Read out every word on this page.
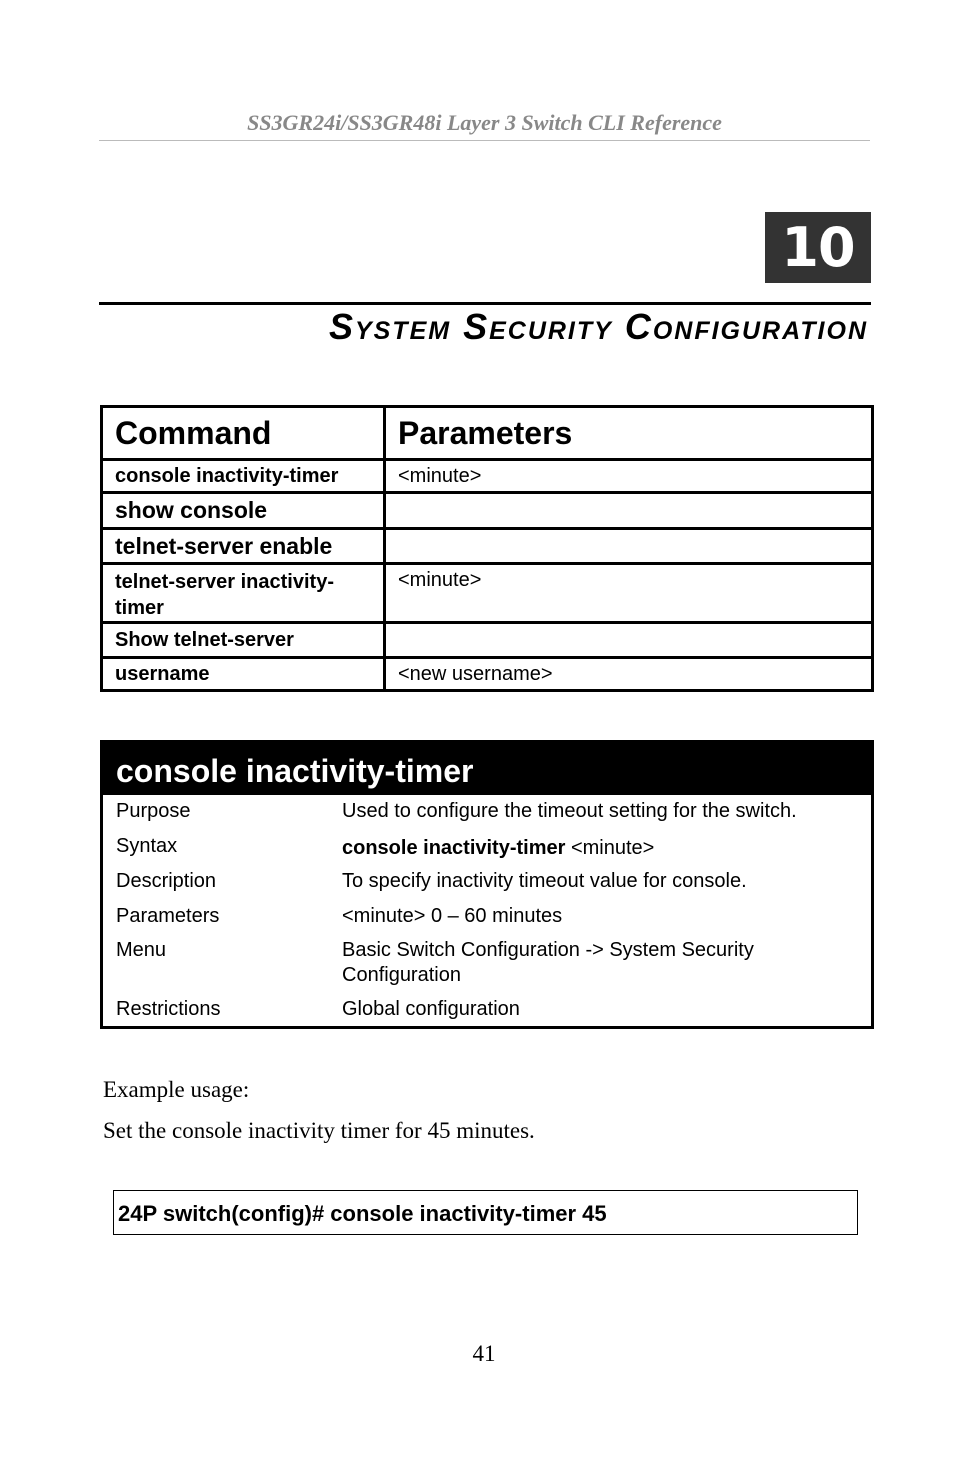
SS3GR24i/SS3GR48i Layer 3 Switch CLI Reference
10
System Security Configuration
Command	Parameters
console inactivity-timer	<minute>
show console	
telnet-server enable	
telnet-server inactivity-timer	<minute>
Show telnet-server	
username	<new username>
console inactivity-timer
Purpose	Used to configure the timeout setting for the switch.
Syntax	console inactivity-timer <minute>
Description	To specify inactivity timeout value for console.
Parameters	<minute> 0 – 60 minutes
Menu	Basic Switch Configuration -> System Security Configuration
Restrictions	Global configuration
Example usage:
Set the console inactivity timer for 45 minutes.
24P switch(config)# console inactivity-timer 45
41
